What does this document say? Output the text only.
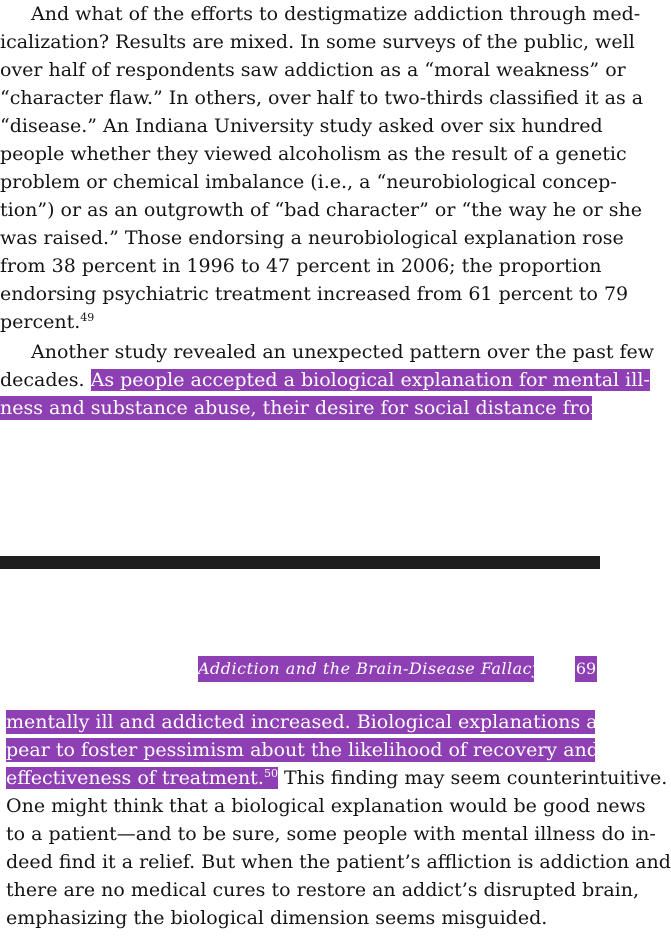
And what of the efforts to destigmatize addiction through med-
icalization? Results are mixed. In some surveys of the public, well
over half of respondents saw addiction as a “moral weakness” or
“character flaw.” In others, over half to two-thirds classified it as a
“disease.” An Indiana University study asked over six hundred
people whether they viewed alcoholism as the result of a genetic
problem or chemical imbalance (i.e., a “neurobiological concep-
tion”) or as an outgrowth of “bad character” or “the way he or she
was raised.” Those endorsing a neurobiological explanation rose
from 38 percent in 1996 to 47 percent in 2006; the proportion
endorsing psychiatric treatment increased from 61 percent to 79
percent.$^{49}$
Another study revealed an unexpected pattern over the past few
decades. As people accepted a biological explanation for mental ill-
ness and substance abuse, their desire for social distance from the
Addiction and the Brain-Disease Fallacy 69
mentally ill and addicted increased. Biological explanations also ap-
pear to foster pessimism about the likelihood of recovery and the
effectiveness of treatment.$^{50}$ This finding may seem counterintuitive.
One might think that a biological explanation would be good news
to a patient—and to be sure, some people with mental illness do in-
deed find it a relief. But when the patient’s affliction is addiction and
there are no medical cures to restore an addict’s disrupted brain,
emphasizing the biological dimension seems misguided.
